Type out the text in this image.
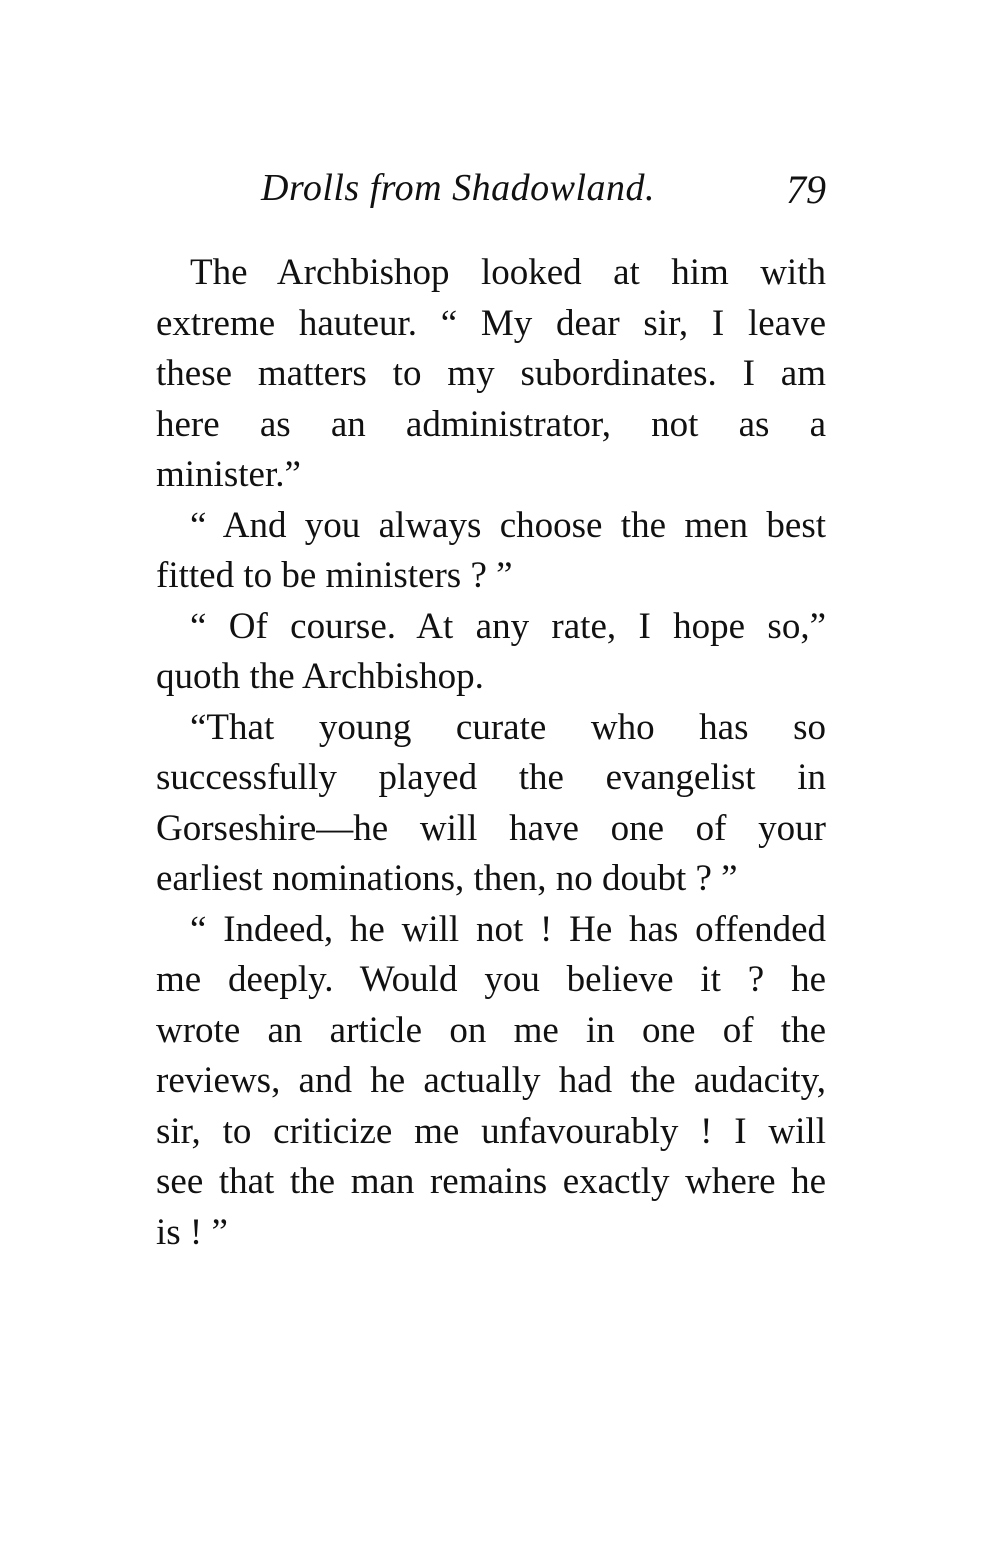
Drolls from Shadowland.	79
The Archbishop looked at him with
extreme hauteur. “ My dear sir, I leave
these matters to my subordinates. I am
here as an administrator, not as a
minister.”
“ And you always choose the men best
fitted to be ministers ? ”
“ Of course. At any rate, I hope so,”
quoth the Archbishop.
“That young curate who has so
successfully played the evangelist in
Gorseshire—he will have one of your
earliest nominations, then, no doubt ? ”
“ Indeed, he will not ! He has offended
me deeply. Would you believe it ? he
wrote an article on me in one of the
reviews, and he actually had the audacity,
sir, to criticize me unfavourably ! I will
see that the man remains exactly where he
is ! ”
